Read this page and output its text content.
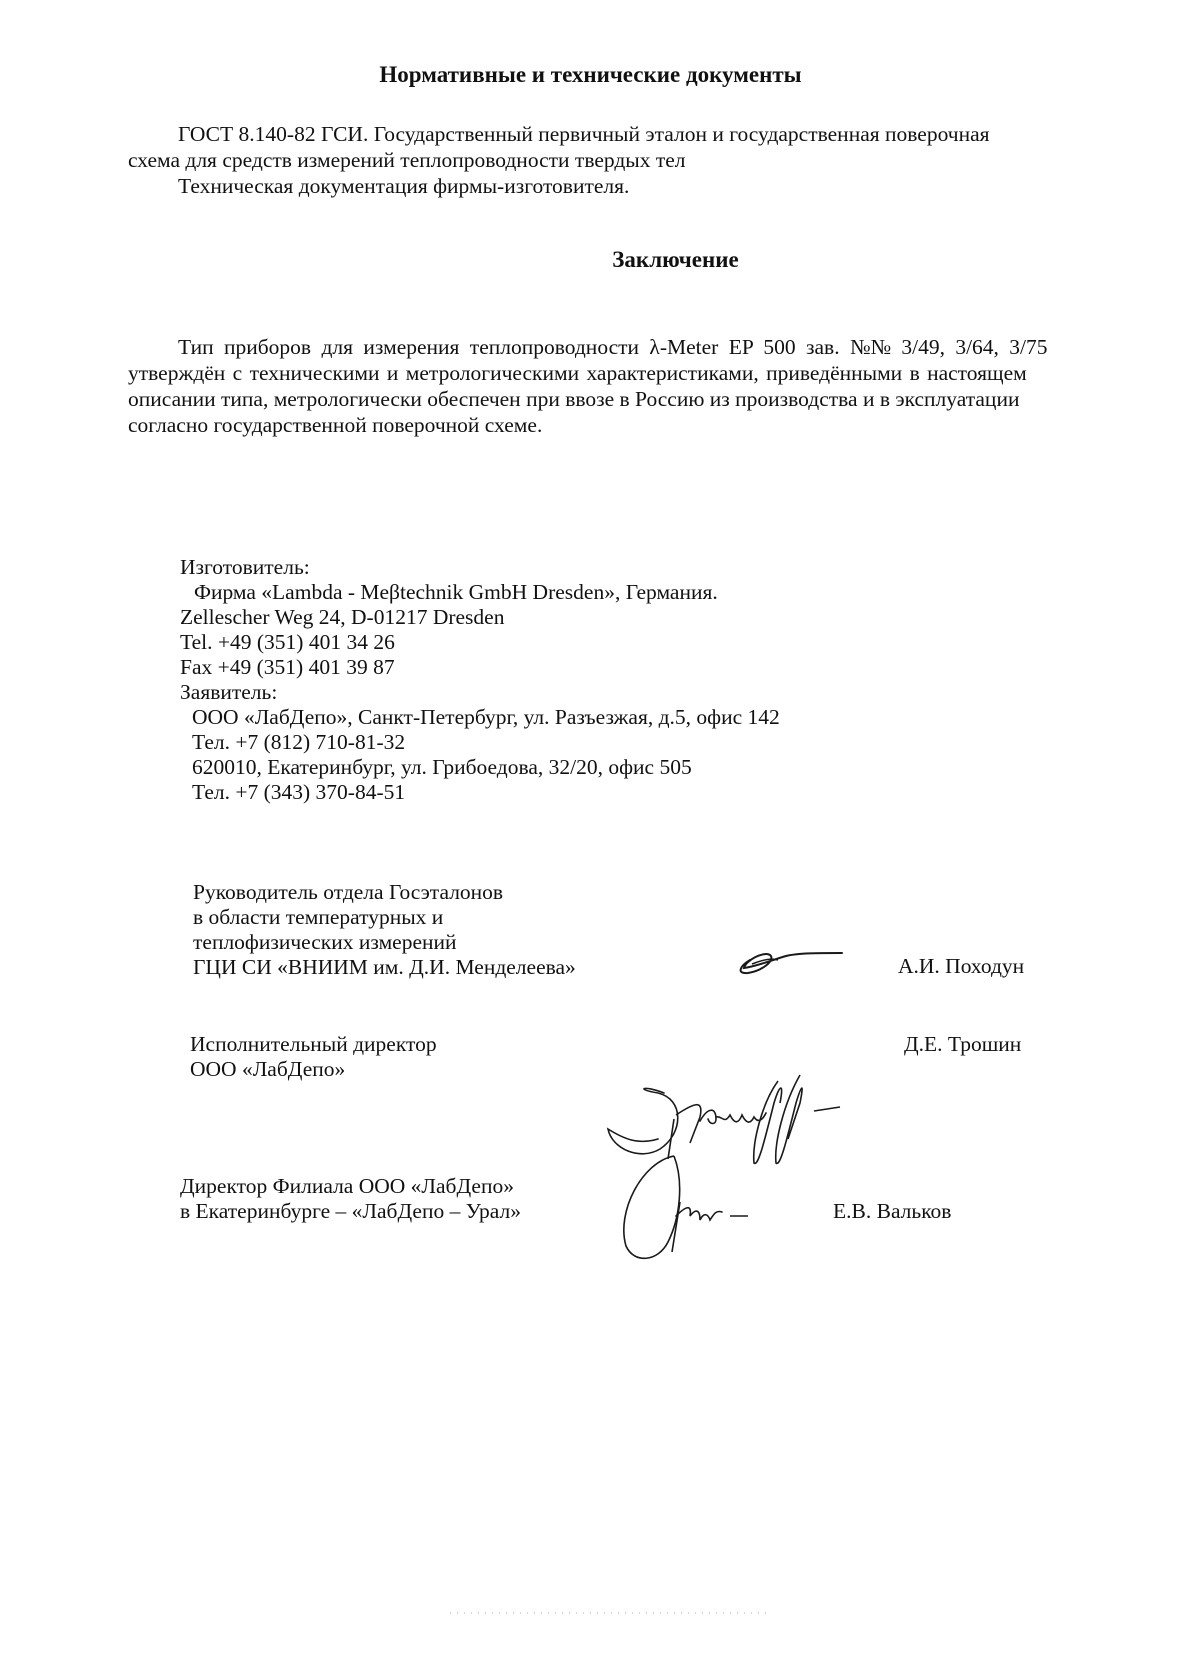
Нормативные и технические документы
ГОСТ 8.140-82 ГСИ. Государственный первичный эталон и государственная поверочная
схема для средств измерений теплопроводности твердых тел
Техническая документация фирмы-изготовителя.
Заключение
Тип приборов для измерения теплопроводности λ-Meter EP 500 зав. №№ 3/49, 3/64, 3/75
утверждён с техническими и метрологическими характеристиками, приведёнными в настоящем
описании типа, метрологически обеспечен при ввозе в Россию из производства и в эксплуатации
согласно государственной поверочной схеме.
Изготовитель:
Фирма «Lambda - Meβtechnik GmbH Dresden», Германия.
Zellescher Weg 24, D-01217 Dresden
Tel. +49 (351) 401 34 26
Fax +49 (351) 401 39 87
Заявитель:
ООО «ЛабДепо», Санкт-Петербург, ул. Разъезжая, д.5, офис 142
Тел. +7 (812) 710-81-32
620010, Екатеринбург, ул. Грибоедова, 32/20, офис 505
Тел. +7 (343) 370-84-51
Руководитель отдела Госэталонов
в области температурных и
теплофизических измерений
ГЦИ СИ «ВНИИМ им. Д.И. Менделеева»	А.И. Походун
Исполнительный директор
ООО «ЛабДепо»
Д.Е. Трошин
Директор Филиала ООО «ЛабДепо»
в Екатеринбурге – «ЛабДепо – Урал»	Е.В. Вальков
